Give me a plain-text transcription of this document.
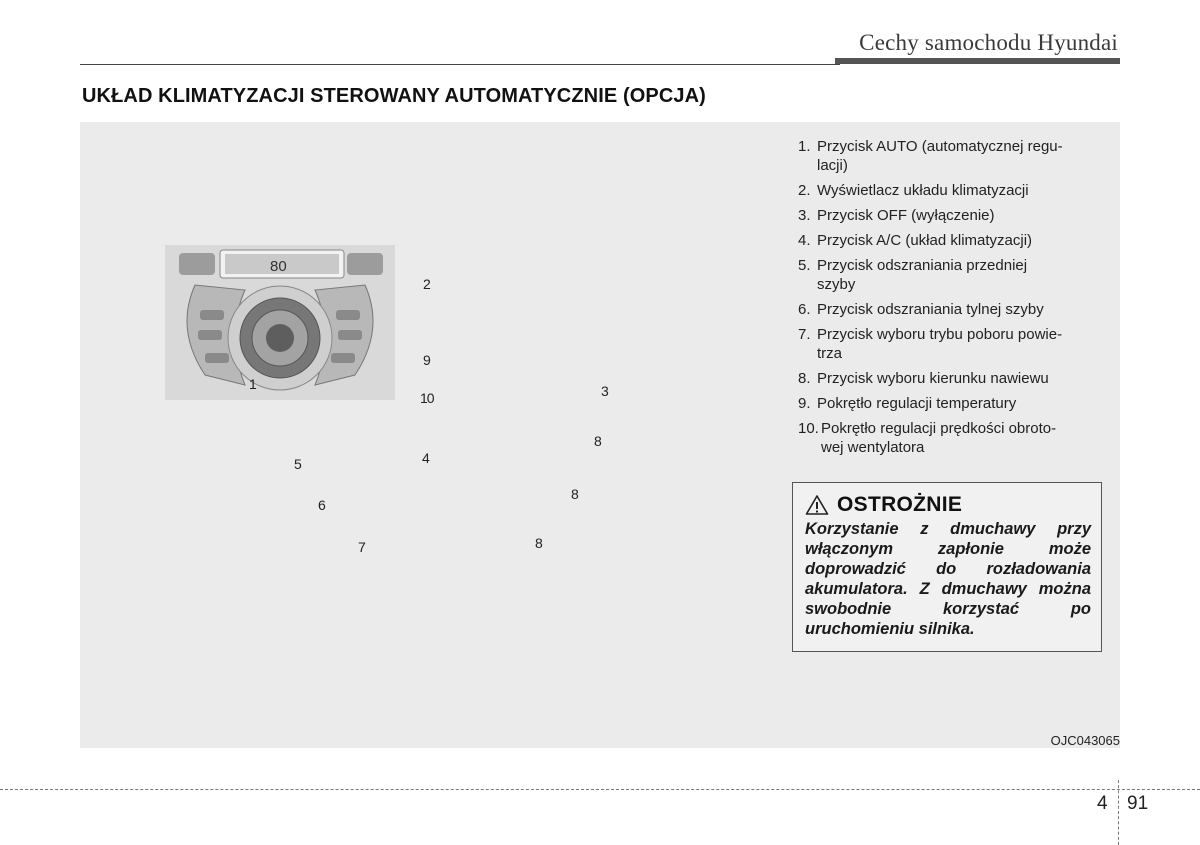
Cechy samochodu Hyundai
UKŁAD KLIMATYZACJI STEROWANY AUTOMATYCZNIE (OPCJA)
80
1
2
3
4
5
6
7
8
8
8
9
10
1. Przycisk AUTO (automatycznej regu-
lacji)
2. Wyświetlacz układu klimatyzacji
3. Przycisk OFF (wyłączenie)
4. Przycisk A/C (układ klimatyzacji)
5. Przycisk odszraniania przedniej
szyby
6. Przycisk odszraniania tylnej szyby
7. Przycisk wyboru trybu poboru powie-
trza
8. Przycisk wyboru kierunku nawiewu
9. Pokrętło regulacji temperatury
10. Pokrętło regulacji prędkości obroto-
wej wentylatora
OSTROŻNIE

Korzystanie z dmuchawy przy włączonym zapłonie może doprowadzić do rozładowania akumulatora. Z dmuchawy można swobodnie korzystać po uruchomieniu silnika.

OJC043065
4 91
